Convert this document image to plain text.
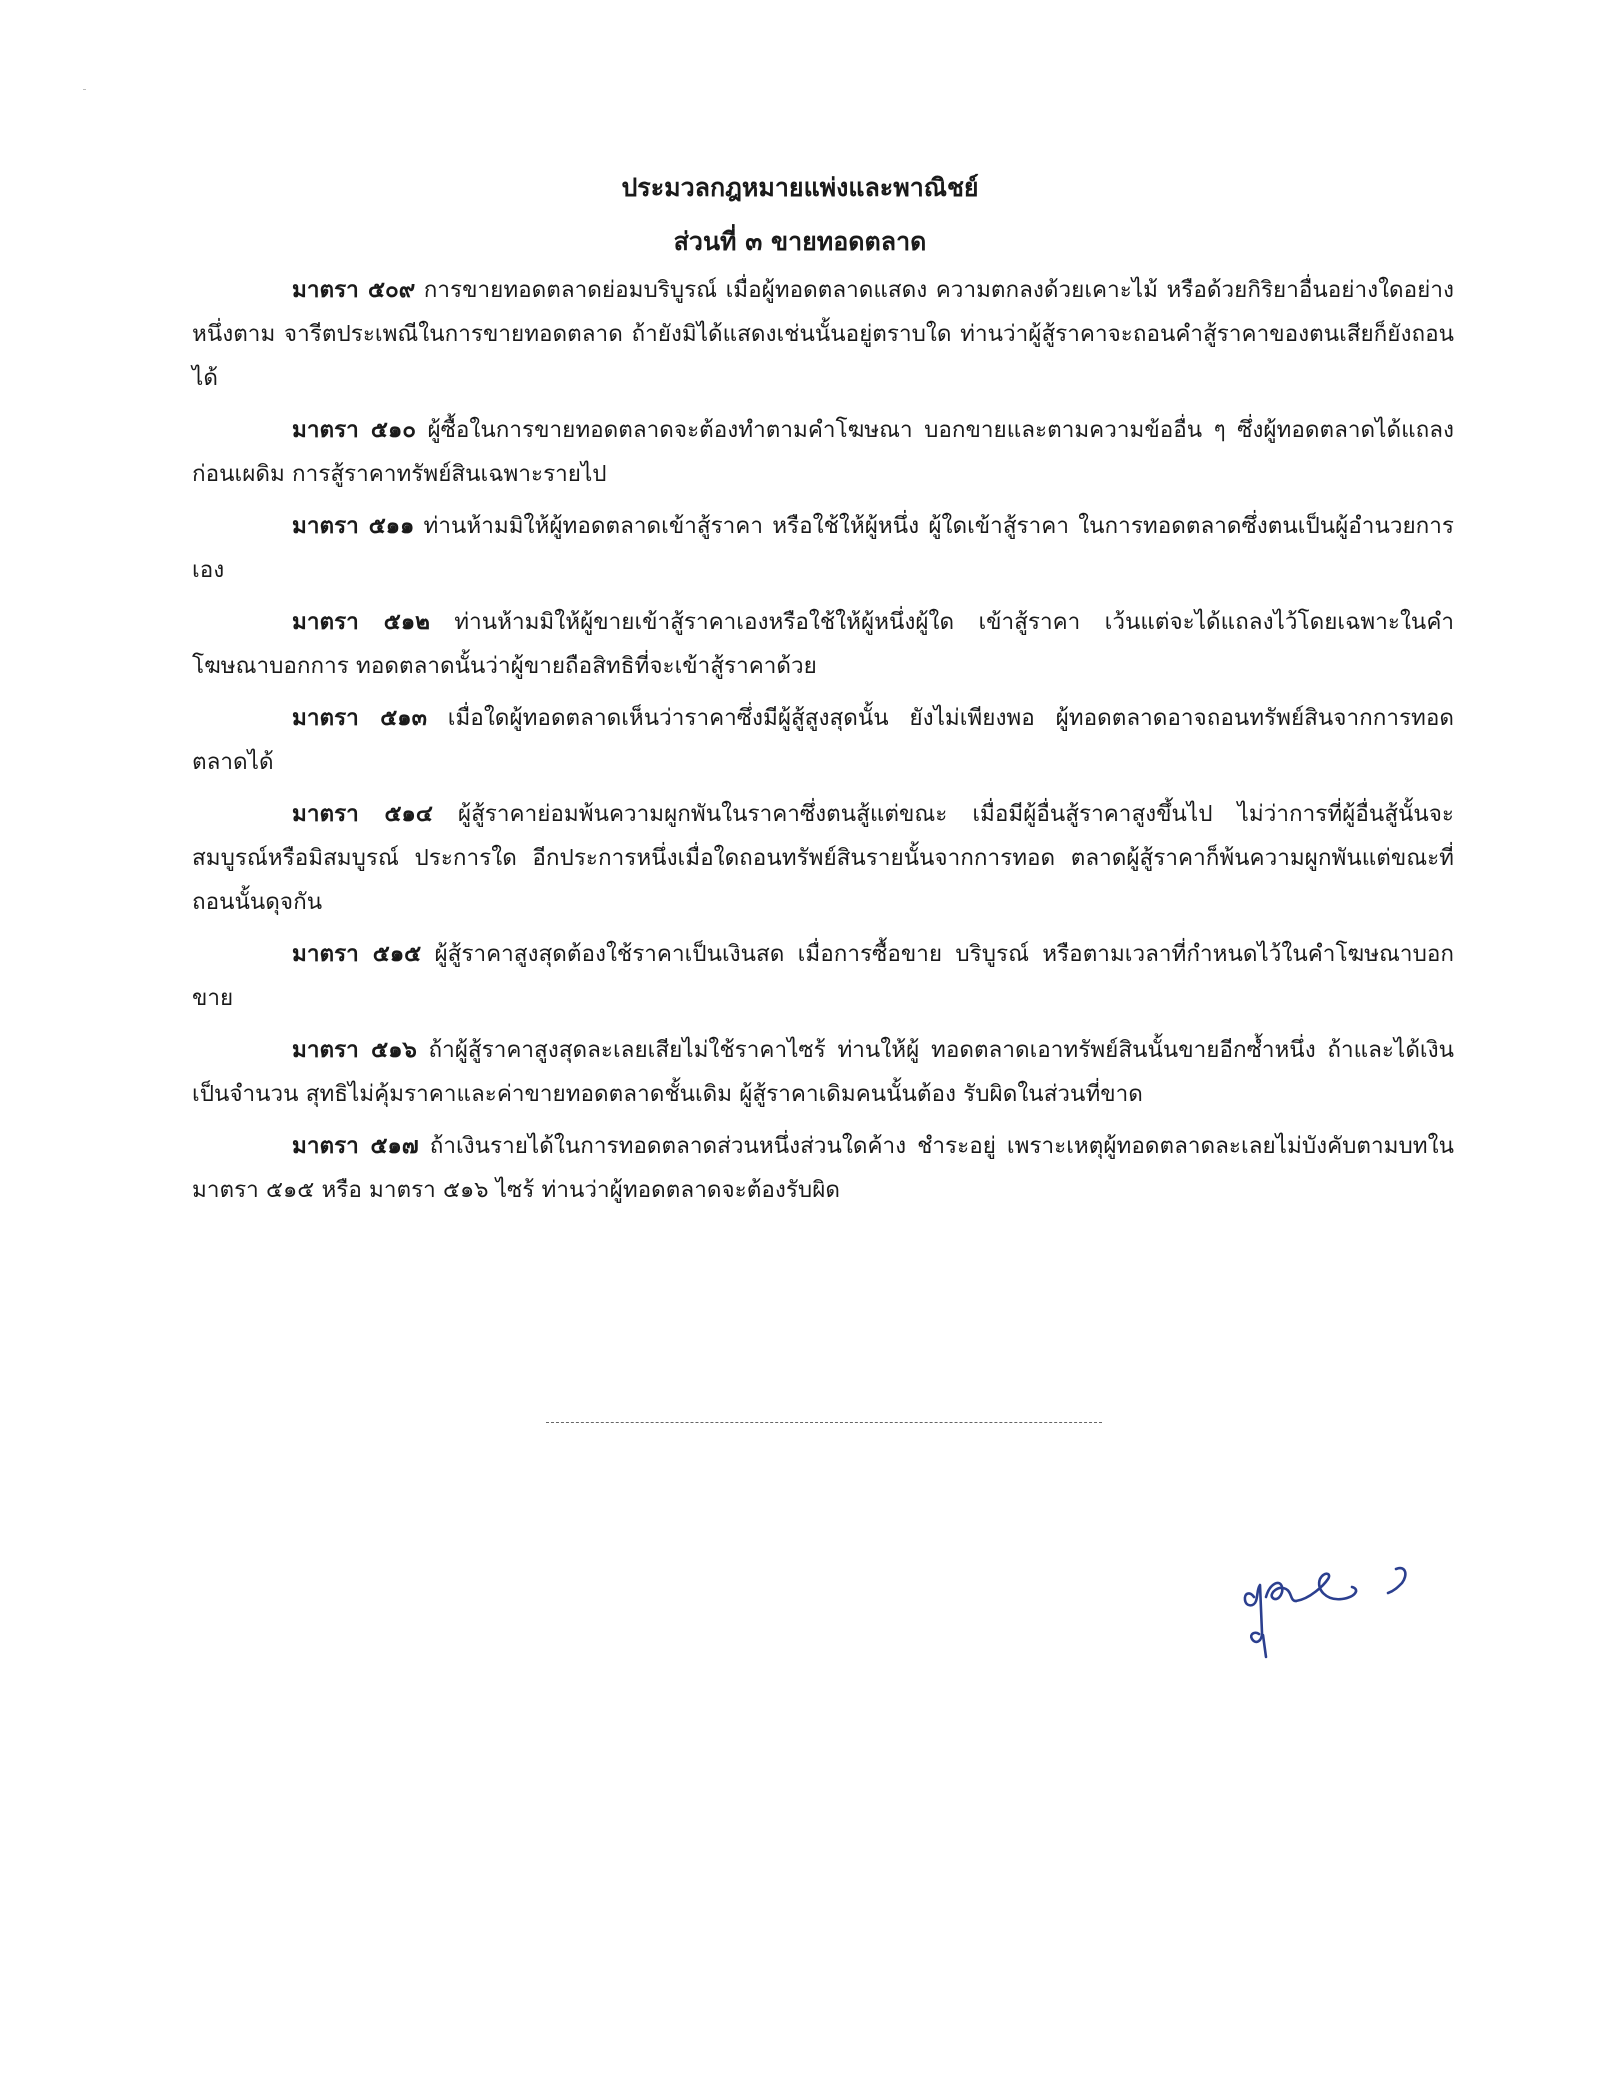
ประมวลกฎหมายแพ่งและพาณิชย์
ส่วนที่ ๓ ขายทอดตลาด

มาตรา ๕๐๙ การขายทอดตลาดย่อมบริบูรณ์ เมื่อผู้ทอดตลาดแสดง ความตกลงด้วยเคาะไม้ หรือด้วยกิริยาอื่นอย่างใดอย่างหนึ่งตาม จารีตประเพณีในการขายทอดตลาด ถ้ายังมิได้แสดงเช่นนั้นอยู่ตราบใด ท่านว่าผู้สู้ราคาจะถอนคำสู้ราคาของตนเสียก็ยังถอนได้

มาตรา ๕๑๐ ผู้ซื้อในการขายทอดตลาดจะต้องทำตามคำโฆษณา บอกขายและตามความข้ออื่น ๆ ซึ่งผู้ทอดตลาดได้แถลงก่อนเผดิม การสู้ราคาทรัพย์สินเฉพาะรายไป

มาตรา ๕๑๑ ท่านห้ามมิให้ผู้ทอดตลาดเข้าสู้ราคา หรือใช้ให้ผู้หนึ่ง ผู้ใดเข้าสู้ราคา ในการทอดตลาดซึ่งตนเป็นผู้อำนวยการเอง

มาตรา ๕๑๒ ท่านห้ามมิให้ผู้ขายเข้าสู้ราคาเองหรือใช้ให้ผู้หนึ่งผู้ใด เข้าสู้ราคา เว้นแต่จะได้แถลงไว้โดยเฉพาะในคำโฆษณาบอกการ ทอดตลาดนั้นว่าผู้ขายถือสิทธิที่จะเข้าสู้ราคาด้วย

มาตรา ๕๑๓ เมื่อใดผู้ทอดตลาดเห็นว่าราคาซึ่งมีผู้สู้สูงสุดนั้น ยังไม่เพียงพอ ผู้ทอดตลาดอาจถอนทรัพย์สินจากการทอดตลาดได้

มาตรา ๕๑๔ ผู้สู้ราคาย่อมพ้นความผูกพันในราคาซึ่งตนสู้แต่ขณะ เมื่อมีผู้อื่นสู้ราคาสูงขึ้นไป ไม่ว่าการที่ผู้อื่นสู้นั้นจะสมบูรณ์หรือมิสมบูรณ์ ประการใด อีกประการหนึ่งเมื่อใดถอนทรัพย์สินรายนั้นจากการทอด ตลาดผู้สู้ราคาก็พ้นความผูกพันแต่ขณะที่ถอนนั้นดุจกัน

มาตรา ๕๑๕ ผู้สู้ราคาสูงสุดต้องใช้ราคาเป็นเงินสด เมื่อการซื้อขาย บริบูรณ์ หรือตามเวลาที่กำหนดไว้ในคำโฆษณาบอกขาย

มาตรา ๕๑๖ ถ้าผู้สู้ราคาสูงสุดละเลยเสียไม่ใช้ราคาไซร้ ท่านให้ผู้ ทอดตลาดเอาทรัพย์สินนั้นขายอีกซ้ำหนึ่ง ถ้าและได้เงินเป็นจำนวน สุทธิไม่คุ้มราคาและค่าขายทอดตลาดชั้นเดิม ผู้สู้ราคาเดิมคนนั้นต้อง รับผิดในส่วนที่ขาด

มาตรา ๕๑๗ ถ้าเงินรายได้ในการทอดตลาดส่วนหนึ่งส่วนใดค้าง ชำระอยู่ เพราะเหตุผู้ทอดตลาดละเลยไม่บังคับตามบทใน มาตรา ๕๑๕ หรือ มาตรา ๕๑๖ ไซร้ ท่านว่าผู้ทอดตลาดจะต้องรับผิด
